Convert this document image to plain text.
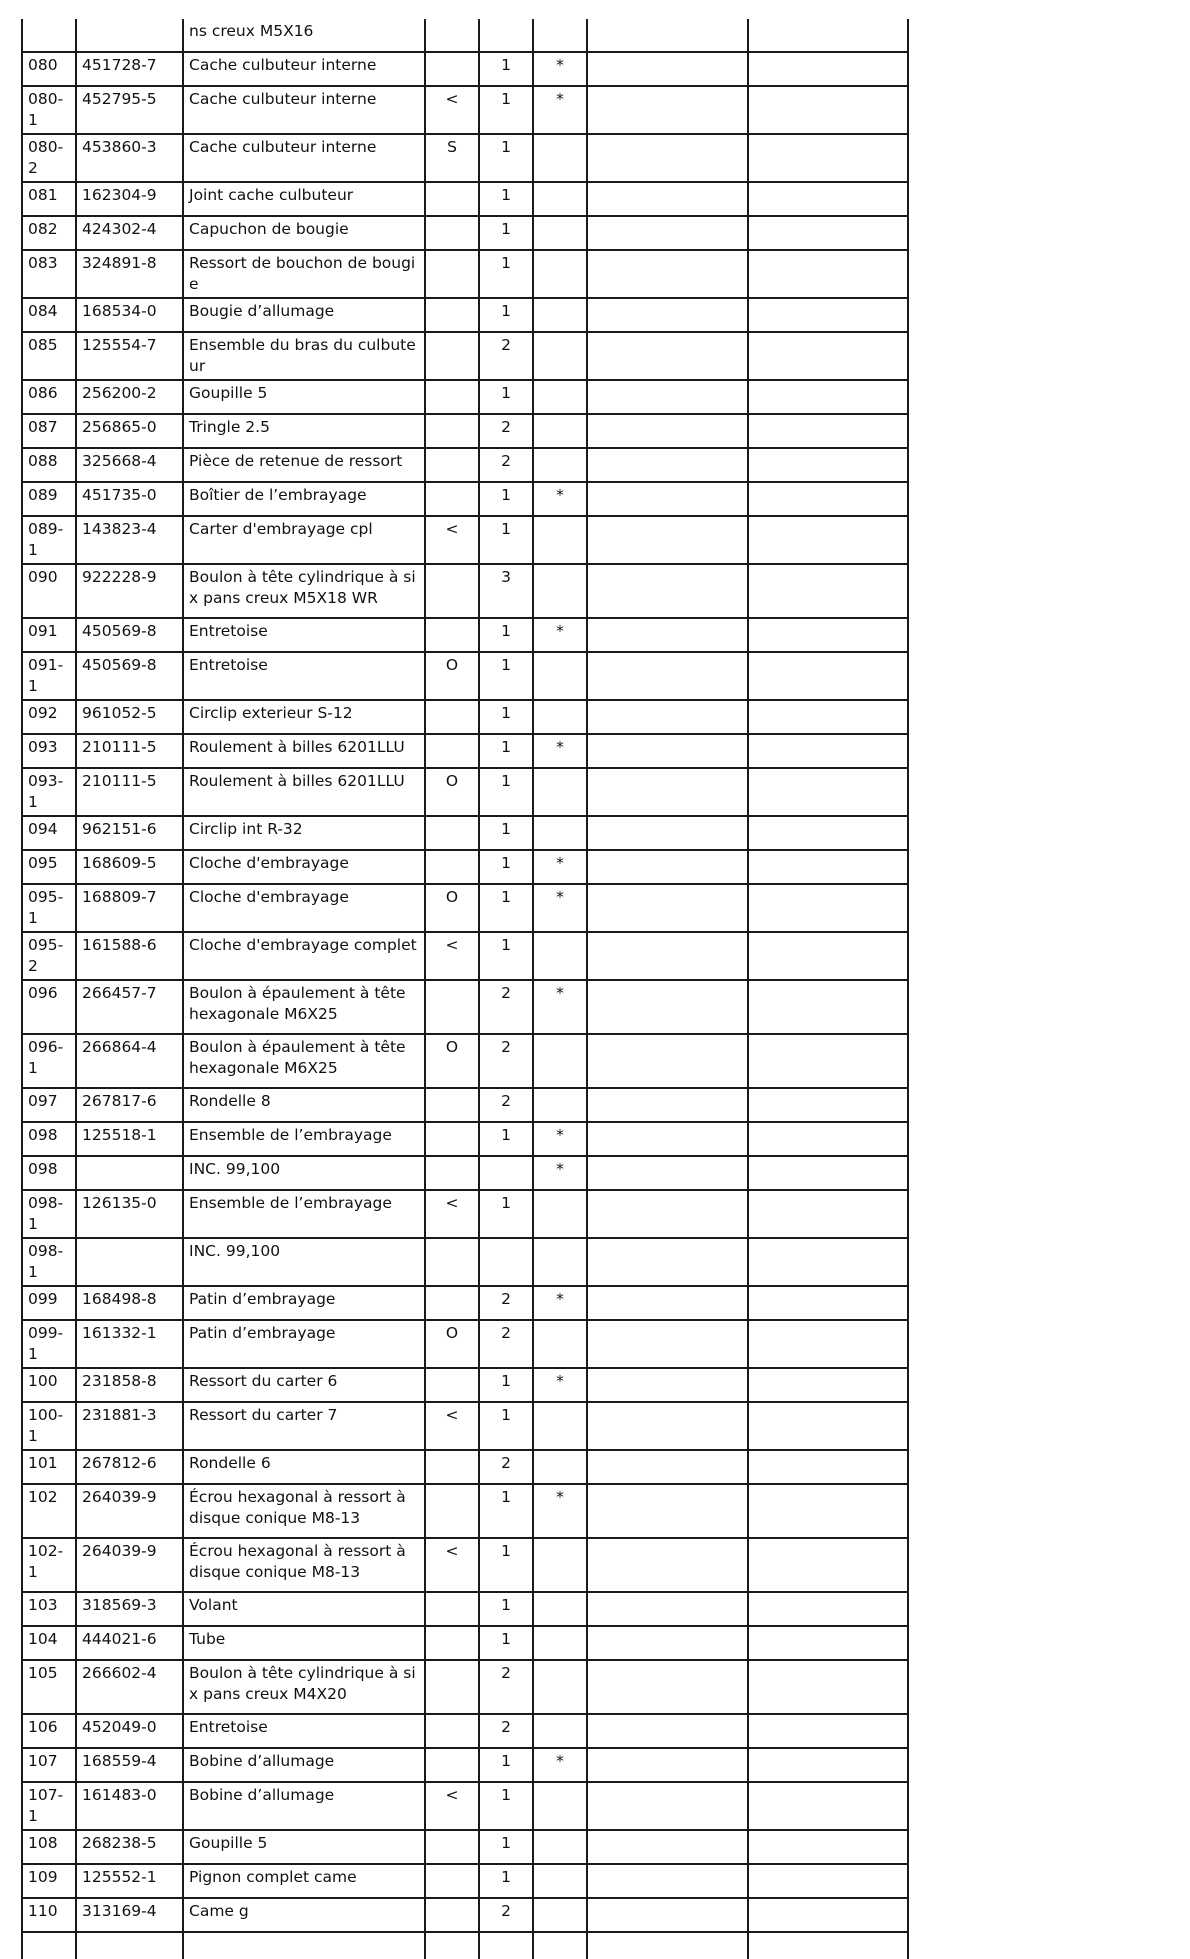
		ns creux M5X16					
080	451728-7	Cache culbuteur interne		1	*		
080-1	452795-5	Cache culbuteur interne	<	1	*		
080-2	453860-3	Cache culbuteur interne	S	1			
081	162304-9	Joint cache culbuteur		1			
082	424302-4	Capuchon de bougie		1			
083	324891-8	Ressort de bouchon de bougie		1			
084	168534-0	Bougie d’allumage		1			
085	125554-7	Ensemble du bras du culbuteur		2			
086	256200-2	Goupille 5		1			
087	256865-0	Tringle 2.5		2			
088	325668-4	Pièce de retenue de ressort		2			
089	451735-0	Boîtier de l’embrayage		1	*		
089-1	143823-4	Carter d'embrayage cpl	<	1			
090	922228-9	Boulon à tête cylindrique à six pans creux M5X18 WR		3			
091	450569-8	Entretoise		1	*		
091-1	450569-8	Entretoise	O	1			
092	961052-5	Circlip exterieur S-12		1			
093	210111-5	Roulement à billes 6201LLU		1	*		
093-1	210111-5	Roulement à billes 6201LLU	O	1			
094	962151-6	Circlip int R-32		1			
095	168609-5	Cloche d'embrayage		1	*		
095-1	168809-7	Cloche d'embrayage	O	1	*		
095-2	161588-6	Cloche d'embrayage complet	<	1			
096	266457-7	Boulon à épaulement à tête hexagonale M6X25		2	*		
096-1	266864-4	Boulon à épaulement à tête hexagonale M6X25	O	2			
097	267817-6	Rondelle 8		2			
098	125518-1	Ensemble de l’embrayage		1	*		
098		INC. 99,100			*		
098-1	126135-0	Ensemble de l’embrayage	<	1			
098-1		INC. 99,100					
099	168498-8	Patin d’embrayage		2	*		
099-1	161332-1	Patin d’embrayage	O	2			
100	231858-8	Ressort du carter 6		1	*		
100-1	231881-3	Ressort du carter 7	<	1			
101	267812-6	Rondelle 6		2			
102	264039-9	Écrou hexagonal à ressort à disque conique M8-13		1	*		
102-1	264039-9	Écrou hexagonal à ressort à disque conique M8-13	<	1			
103	318569-3	Volant		1			
104	444021-6	Tube		1			
105	266602-4	Boulon à tête cylindrique à six pans creux M4X20		2			
106	452049-0	Entretoise		2			
107	168559-4	Bobine d’allumage		1	*		
107-1	161483-0	Bobine d’allumage	<	1			
108	268238-5	Goupille 5		1			
109	125552-1	Pignon complet came		1			
110	313169-4	Came g		2			
